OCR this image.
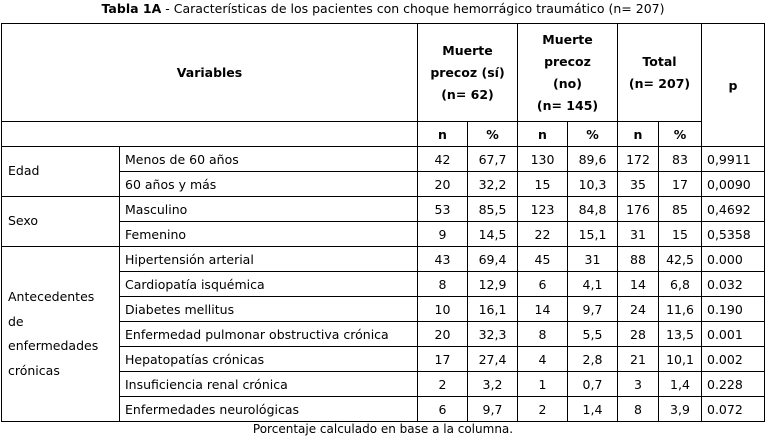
Tabla 1A - Características de los pacientes con choque hemorrágico traumático (n= 207)
Variables		Muerte
precoz (sí)
(n= 62)		Muerte
precoz
(no)
(n= 145)		Total
(n= 207)		p
		n	%	n	%	n	%	
Edad	Menos de 60 años	42	67,7	130	89,6	172	83	0,9911
	60 años y más	20	32,2	15	10,3	35	17	0,0090
Sexo	Masculino	53	85,5	123	84,8	176	85	0,4692
	Femenino	9	14,5	22	15,1	31	15	0,5358
Antecedentes
de
enfermedades
crónicas	Hipertensión arterial	43	69,4	45	31	88	42,5	0.000
	Cardiopatía isquémica	8	12,9	6	4,1	14	6,8	0.032
	Diabetes mellitus	10	16,1	14	9,7	24	11,6	0.190
	Enfermedad pulmonar obstructiva crónica	20	32,3	8	5,5	28	13,5	0.001
	Hepatopatías crónicas	17	27,4	4	2,8	21	10,1	0.002
	Insuficiencia renal crónica	2	3,2	1	0,7	3	1,4	0.228
	Enfermedades neurológicas	6	9,7	2	1,4	8	3,9	0.072
Porcentaje calculado en base a la columna.
